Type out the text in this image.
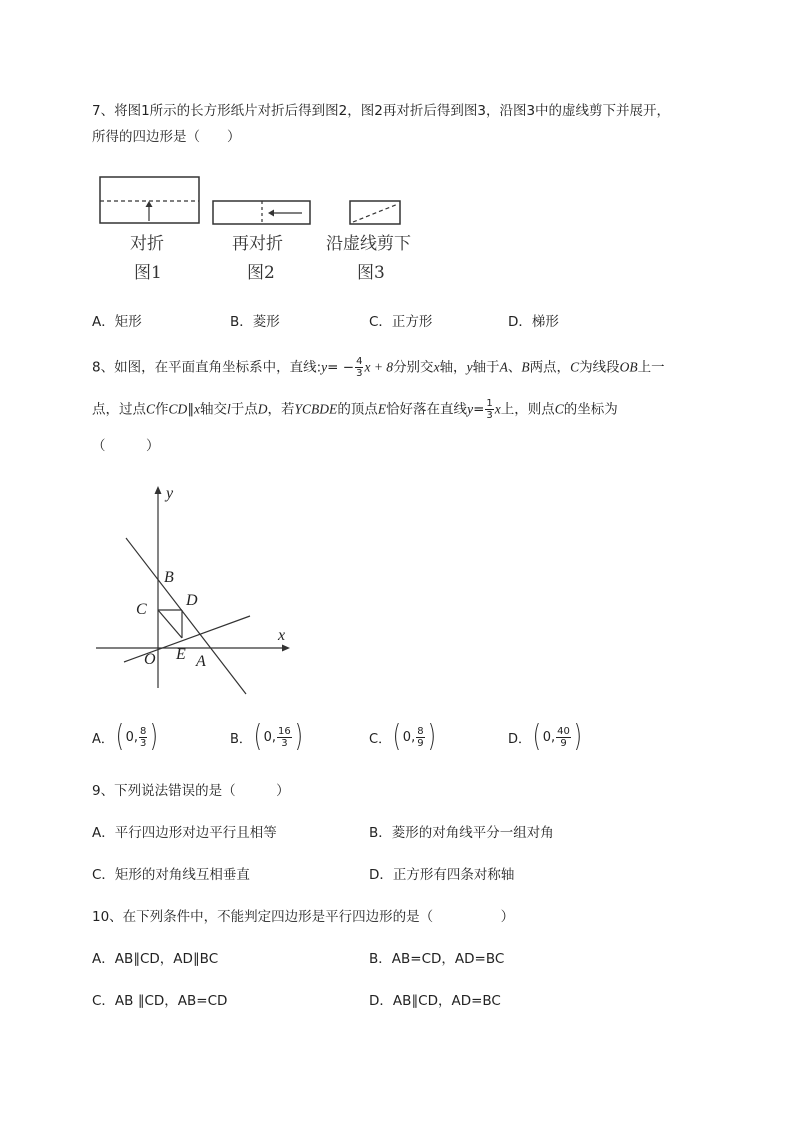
7、将图1所示的长方形纸片对折后得到图2，图2再对折后得到图3，沿图3中的虚线剪下并展开，
所得的四边形是（　　）
对折
图1
再对折
图2
沿虚线剪下
图3
A．矩形	B．菱形	C．正方形	D．梯形
8、如图，在平面直角坐标系中，直线:y= − $\frac{4}{3}$ x + 8分别交x轴，y轴于A、B两点，C为线段OB上一
点，过点C作CD∥x轴交l于点D，若YCBDE的顶点E恰好落在直线$y= \frac{1}{3}$ x上，则点C的坐标为
（　　　）
y
x
B
C
D
O E A
A． ( 0, $\frac{8}{3}$ )	B． ( 0, $\frac{16}{3}$ )	C． ( 0, $\frac{8}{9}$ )	D． ( 0, $\frac{40}{9}$ )
9、下列说法错误的是（　　　）
A．平行四边形对边平行且相等	B．菱形的对角线平分一组对角
C．矩形的对角线互相垂直	D．正方形有四条对称轴
10、在下列条件中，不能判定四边形是平行四边形的是（　　　　　）
A．AB∥CD，AD∥BC	B．AB=CD，AD=BC
C．AB ∥CD，AB=CD	D．AB∥CD，AD=BC
